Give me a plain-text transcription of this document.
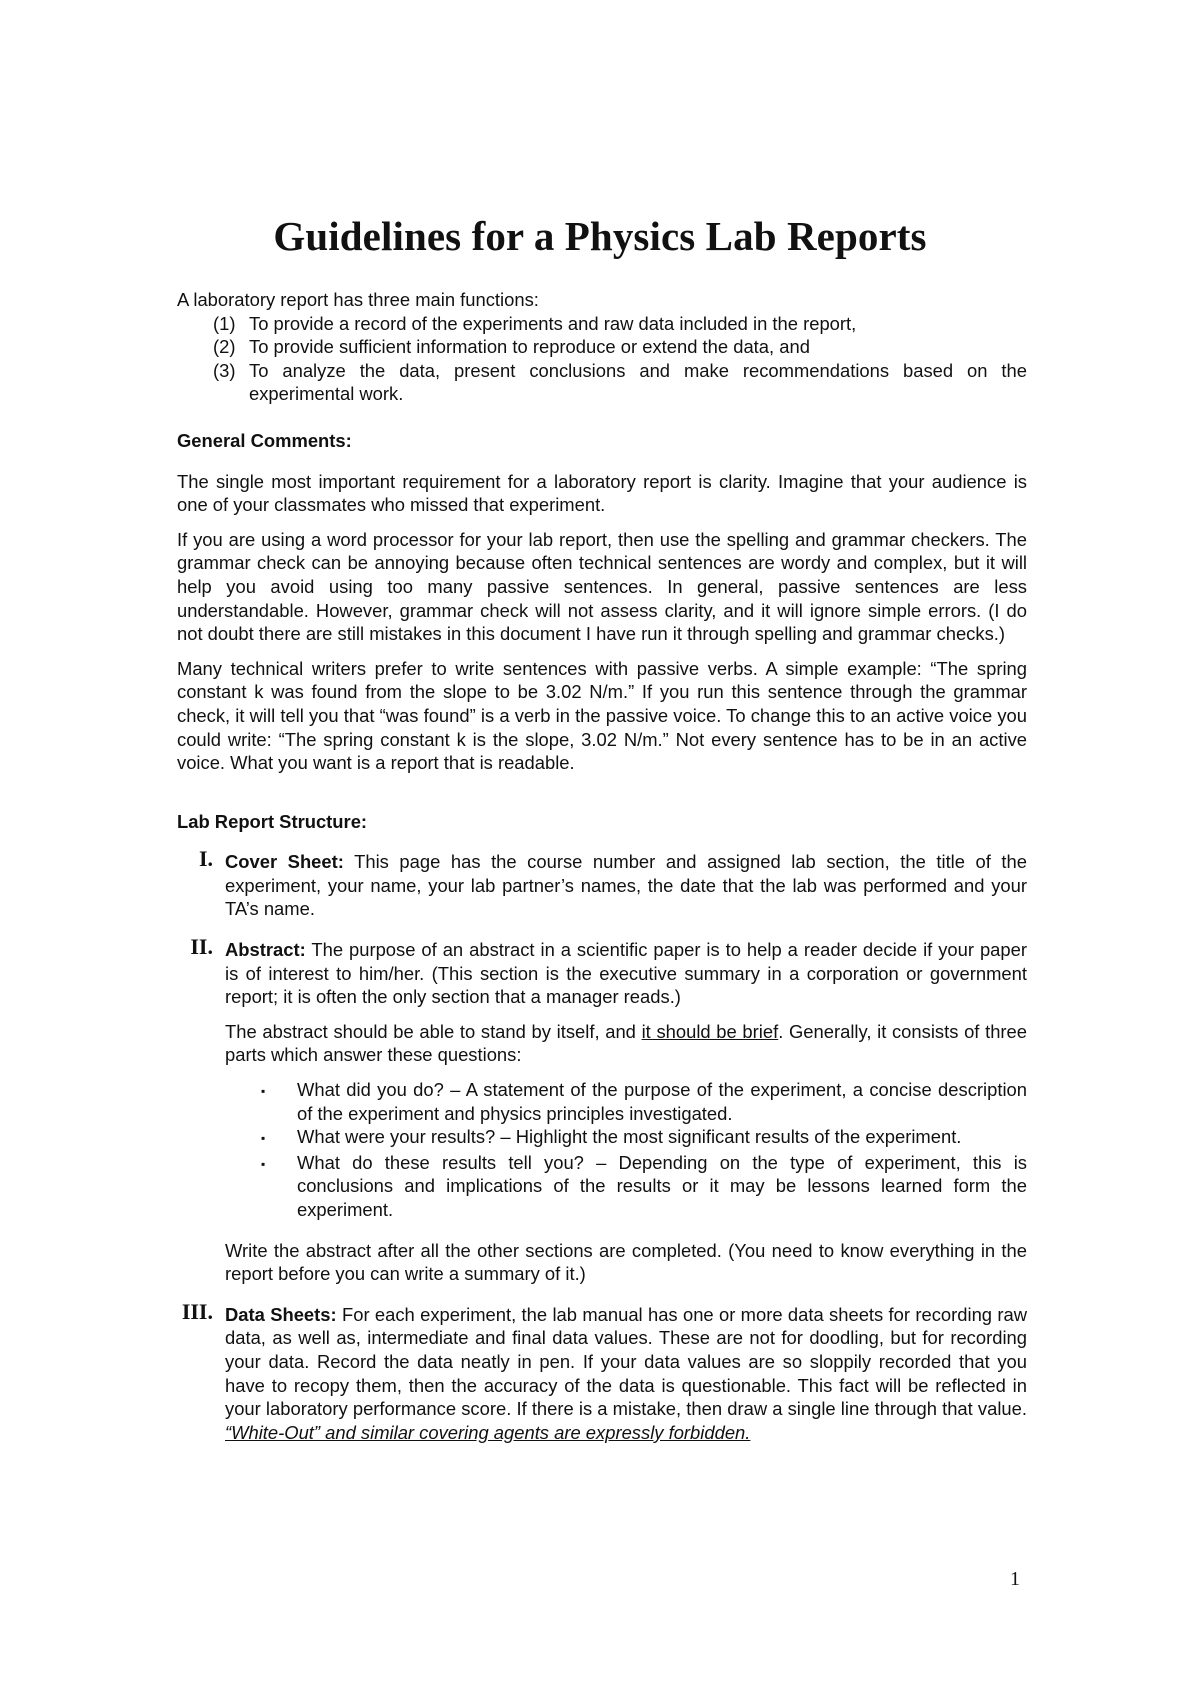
Guidelines for a Physics Lab Reports

A laboratory report has three main functions:

(1) To provide a record of the experiments and raw data included in the report,
(2) To provide sufficient information to reproduce or extend the data, and
(3) To analyze the data, present conclusions and make recommendations based on the experimental work.

General Comments:

The single most important requirement for a laboratory report is clarity. Imagine that your audience is one of your classmates who missed that experiment.

If you are using a word processor for your lab report, then use the spelling and grammar checkers. The grammar check can be annoying because often technical sentences are wordy and complex, but it will help you avoid using too many passive sentences. In general, passive sentences are less understandable. However, grammar check will not assess clarity, and it will ignore simple errors. (I do not doubt there are still mistakes in this document I have run it through spelling and grammar checks.)

Many technical writers prefer to write sentences with passive verbs. A simple example: “The spring constant k was found from the slope to be 3.02 N/m.” If you run this sentence through the grammar check, it will tell you that “was found” is a verb in the passive voice. To change this to an active voice you could write: “The spring constant k is the slope, 3.02 N/m.” Not every sentence has to be in an active voice. What you want is a report that is readable.

Lab Report Structure:

I. Cover Sheet: This page has the course number and assigned lab section, the title of the experiment, your name, your lab partner’s names, the date that the lab was performed and your TA’s name.

II. Abstract: The purpose of an abstract in a scientific paper is to help a reader decide if your paper is of interest to him/her. (This section is the executive summary in a corporation or government report; it is often the only section that a manager reads.)

The abstract should be able to stand by itself, and it should be brief. Generally, it consists of three parts which answer these questions:

▪	What did you do? – A statement of the purpose of the experiment, a concise description of the experiment and physics principles investigated.
▪	What were your results? – Highlight the most significant results of the experiment.
▪	What do these results tell you? – Depending on the type of experiment, this is conclusions and implications of the results or it may be lessons learned form the experiment.

Write the abstract after all the other sections are completed. (You need to know everything in the report before you can write a summary of it.)

III. Data Sheets: For each experiment, the lab manual has one or more data sheets for recording raw data, as well as, intermediate and final data values. These are not for doodling, but for recording your data. Record the data neatly in pen. If your data values are so sloppily recorded that you have to recopy them, then the accuracy of the data is questionable. This fact will be reflected in your laboratory performance score. If there is a mistake, then draw a single line through that value. “White-Out” and similar covering agents are expressly forbidden.

1
